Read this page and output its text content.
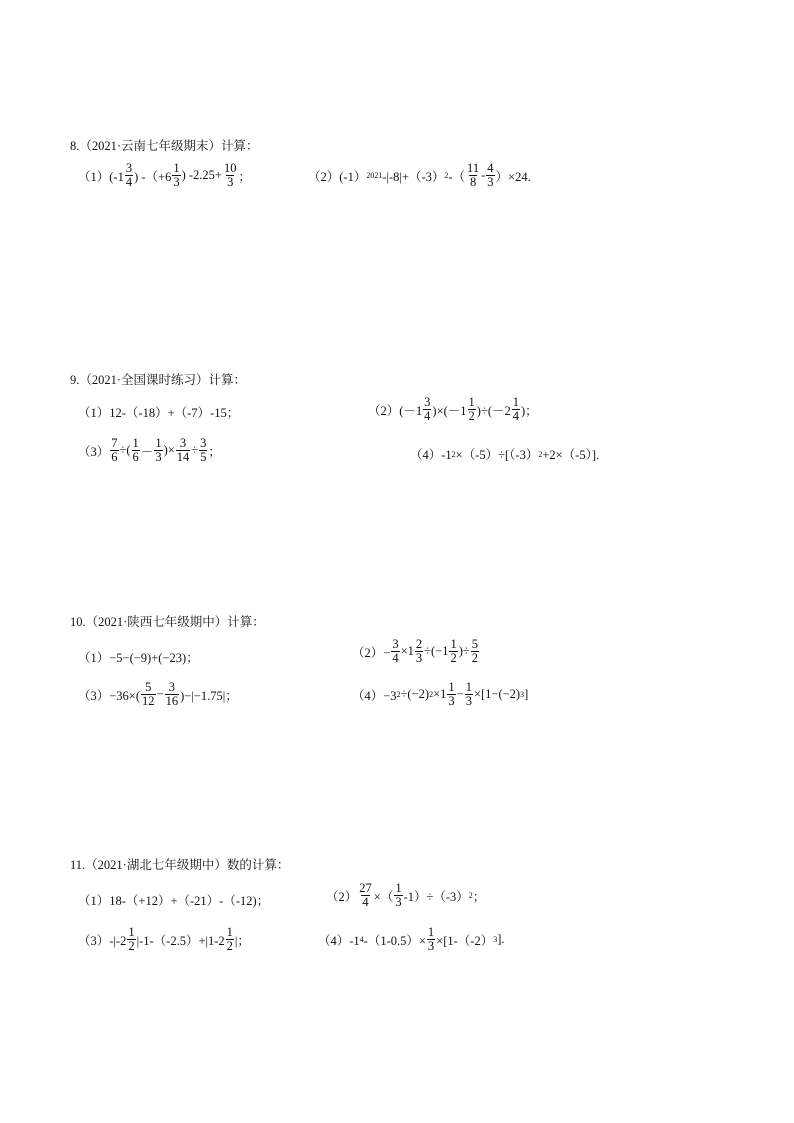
8.（2021·云南七年级期末）计算：
$(1)(-1 \frac{3}{4}$ ) $-(+6 \frac{1}{3}$ ) $-2.25+ \frac{10}{3}$ ；	（2）(-1） 2021 -|-8|+（-3） 2 -（ $\frac{11}{8} - \frac{4}{3} )\times 24$.
9.（2021·全国课时练习）计算：
（1）12-（-18）+（-7）-15；	$(2)(-1 \frac{3}{4} )\times(-1 \frac{1}{2} )\div(-2 \frac{1}{4}$ )；
$(3) \frac{7}{6}$ ÷( $\frac{1}{6} - \frac{1}{3}$ )× $\frac{3}{14} \div \frac{3}{5}$ ；	（4）-1 2 ×（-5）÷[（-3） 2 +2×（-5）].
10.（2021·陕西七年级期中）计算：
（1）−5−(−9)+(−23)；	$(2)- \frac{3}{4} \times 1 \frac{2}{3} \div(-1 \frac{1}{2}$ )÷ $\frac{5}{2}$
$(3)-36\times( \frac{5}{12} - \frac{3}{16} )-|-1.75|$；	（4）−3 2 ÷(−2) $2 \times 1 \frac{1}{3} - \frac{1}{3} \times[1-(-2)$ 3 ]
11.（2021·湖北七年级期中）数的计算：
（1）18-（+12）+（-21）-（-12)；	$(2) \frac{27}{4}$ ×（ $\frac{1}{3} -1)\div(-3)$ 2 ；
$(3)-|-2 \frac{1}{2} |-1-(-2.5)+|1-2 \frac{1}{2}$ |；	（4）-1 4 $-(1-0.5)\times \frac{1}{3} \times[1-(-2)$ 3 ].
